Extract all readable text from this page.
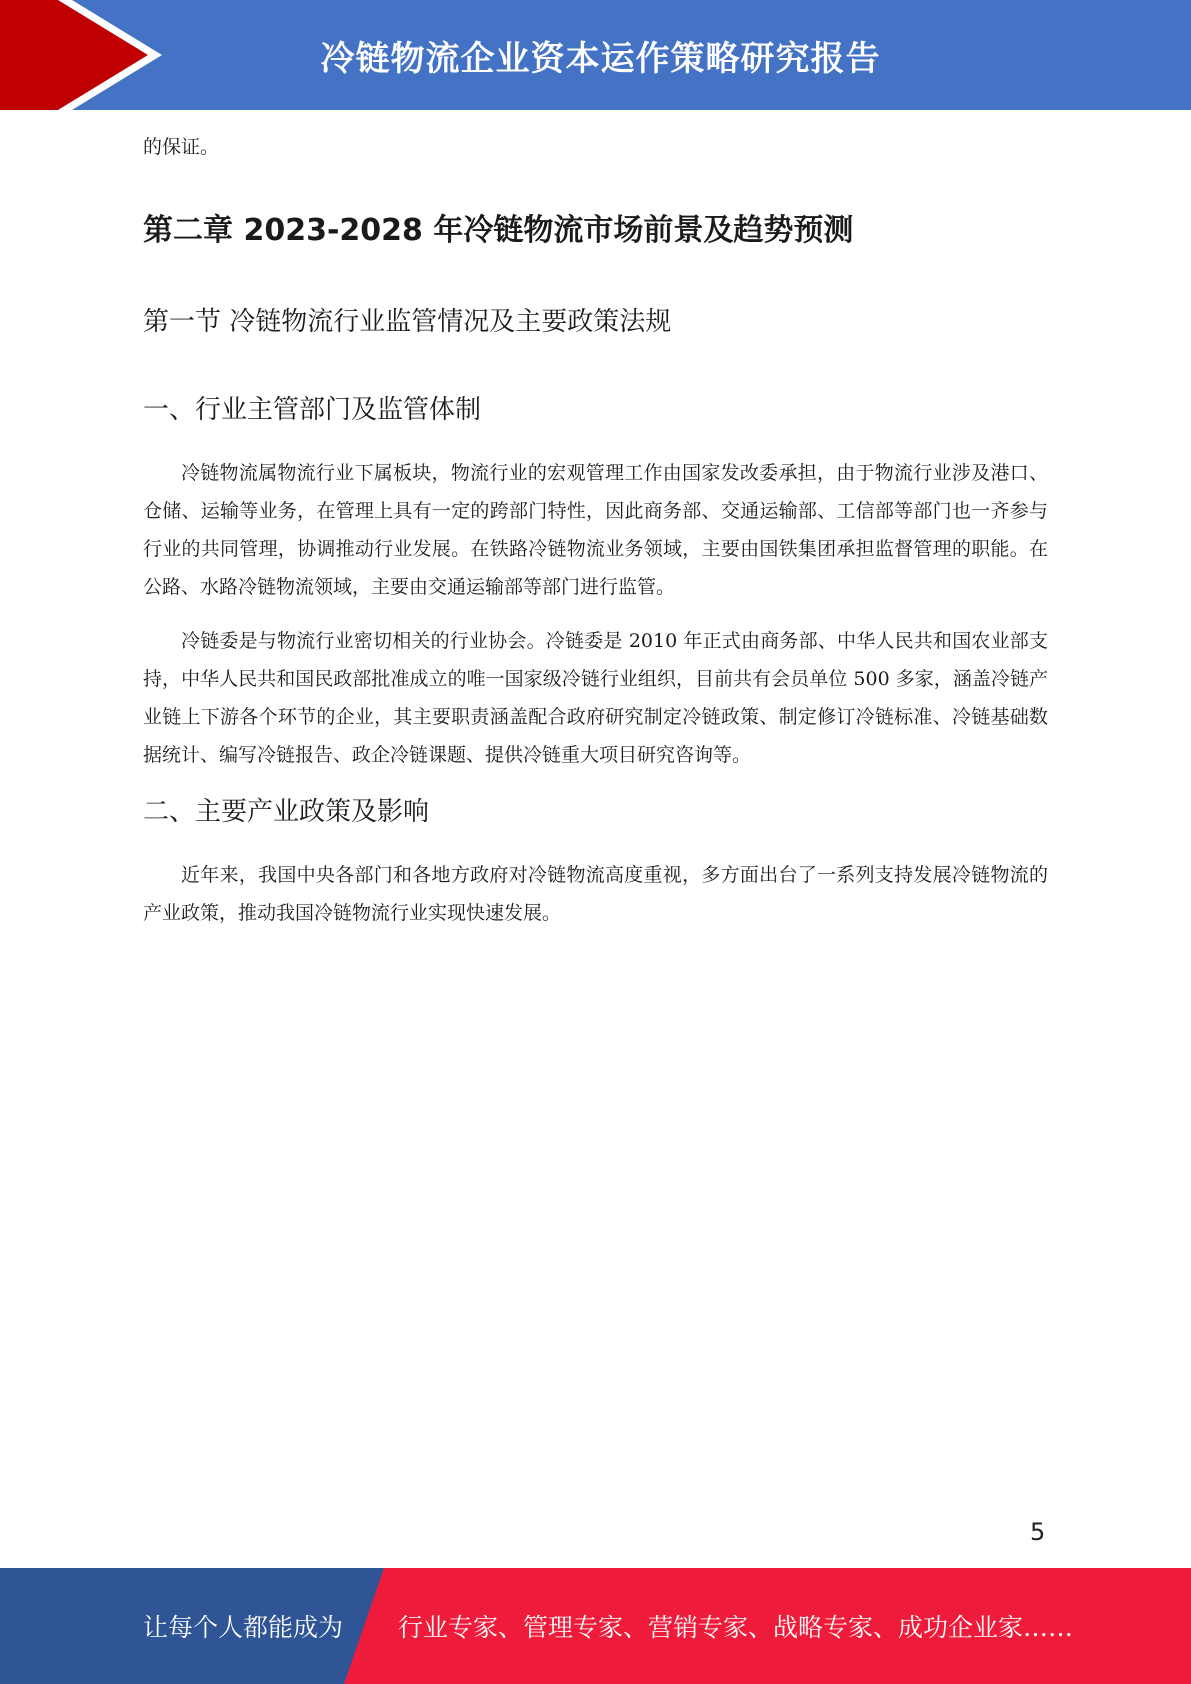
冷链物流企业资本运作策略研究报告

的保证。

第二章 2023-2028 年冷链物流市场前景及趋势预测
第一节 冷链物流行业监管情况及主要政策法规
一、行业主管部门及监管体制

冷链物流属物流行业下属板块，物流行业的宏观管理工作由国家发改委承担，由于物流行业涉及港口、仓储、运输等业务，在管理上具有一定的跨部门特性，因此商务部、交通运输部、工信部等部门也一齐参与行业的共同管理，协调推动行业发展。在铁路冷链物流业务领域，主要由国铁集团承担监督管理的职能。在公路、水路冷链物流领域，主要由交通运输部等部门进行监管。

冷链委是与物流行业密切相关的行业协会。冷链委是 2010 年正式由商务部、中华人民共和国农业部支持，中华人民共和国民政部批准成立的唯一国家级冷链行业组织，目前共有会员单位 500 多家，涵盖冷链产业链上下游各个环节的企业，其主要职责涵盖配合政府研究制定冷链政策、制定修订冷链标准、冷链基础数据统计、编写冷链报告、政企冷链课题、提供冷链重大项目研究咨询等。

二、主要产业政策及影响

近年来，我国中央各部门和各地方政府对冷链物流高度重视，多方面出台了一系列支持发展冷链物流的产业政策，推动我国冷链物流行业实现快速发展。

5
让每个人都能成为 行业专家、管理专家、营销专家、战略专家、成功企业家……
